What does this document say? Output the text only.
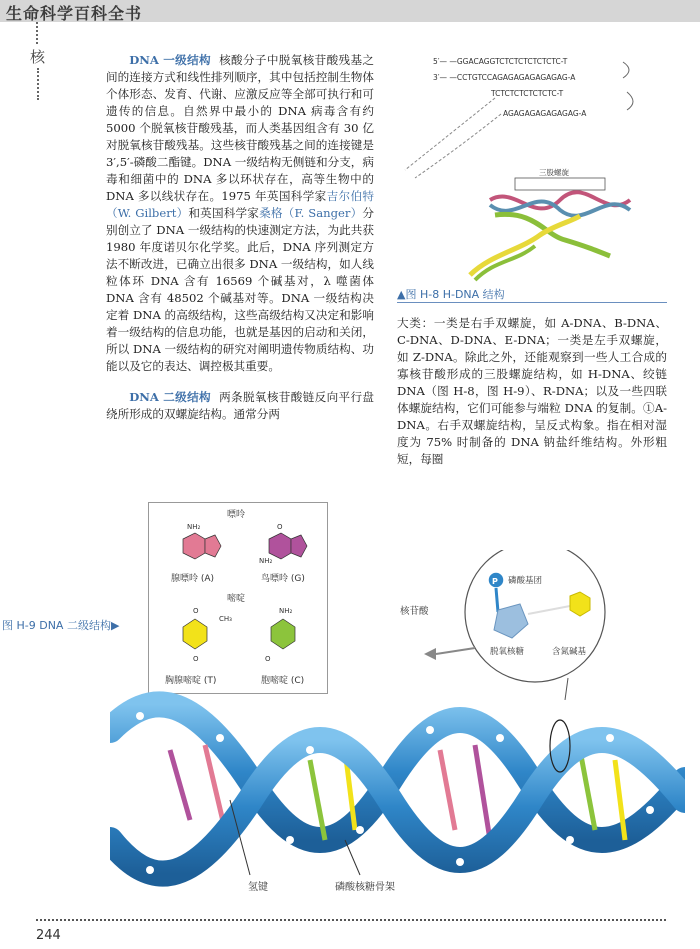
生命科学百科全书
核	DNA 一级结构 核酸分子中脱氧核苷酸残基之间的连接方式和线性排列顺序，其中包括控制生物体个体形态、发育、代谢、应激反应等全部可执行和可遗传的信息。自然界中最小的 DNA 病毒含有约 5000 个脱氧核苷酸残基，而人类基因组含有 30 亿对脱氧核苷酸残基。这些核苷酸残基之间的连接键是 3′,5′-磷酸二酯键。DNA 一级结构无侧链和分支，病毒和细菌中的 DNA 多以环状存在，高等生物中的 DNA 多以线状存在。1975 年英国科学家吉尔伯特（W. Gilbert）和英国科学家桑格（F. Sanger）分别创立了 DNA 一级结构的快速测定方法，为此共获 1980 年度诺贝尔化学奖。此后，DNA 序列测定方法不断改进，已确立出很多 DNA 一级结构，如人线粒体环 DNA 含有 16569 个碱基对，λ 噬菌体 DNA 含有 48502 个碱基对等。DNA 一级结构决定着 DNA 的高级结构，这些高级结构又决定和影响着一级结构的信息功能，也就是基因的启动和关闭，所以 DNA 一级结构的研究对阐明遗传物质结构、功能以及它的表达、调控极其重要。

DNA 二级结构 两条脱氧核苷酸链反向平行盘绕所形成的双螺旋结构。通常分两

5′— —GGACAGGTCTCTCTCTCTCTC-T
3′— —CCTGTCCAGAGAGAGAGAGAG-A
TCTCTCTCTCTCTC-T
AGAGAGAGAGAGAG-A
三股螺旋
▲图 H-8 H-DNA 结构
大类：一类是右手双螺旋，如 A-DNA、B-DNA、C-DNA、D-DNA、E-DNA；一类是左手双螺旋，如 Z-DNA。除此之外，还能观察到一些人工合成的寡核苷酸形成的三股螺旋结构，如 H-DNA、绞链 DNA（图 H-8，图 H-9）、R-DNA；以及一些四联体螺旋结构，它们可能参与端粒 DNA 的复制。①A-DNA。右手双螺旋结构，呈反式构象。指在相对湿度为 75% 时制备的 DNA 钠盐纤维结构。外形粗短，每圈
嘌呤
NH₂
腺嘌呤 (A)
O
NH₂
鸟嘌呤 (G)
嘧啶
O
CH₃
O
胸腺嘧啶 (T)
NH₂
O
胞嘧啶 (C)
图 H-9 DNA 二级结构▶
核苷酸
P 磷酸基团
脱氧核糖	含氮碱基
氢键	磷酸核糖骨架
244
